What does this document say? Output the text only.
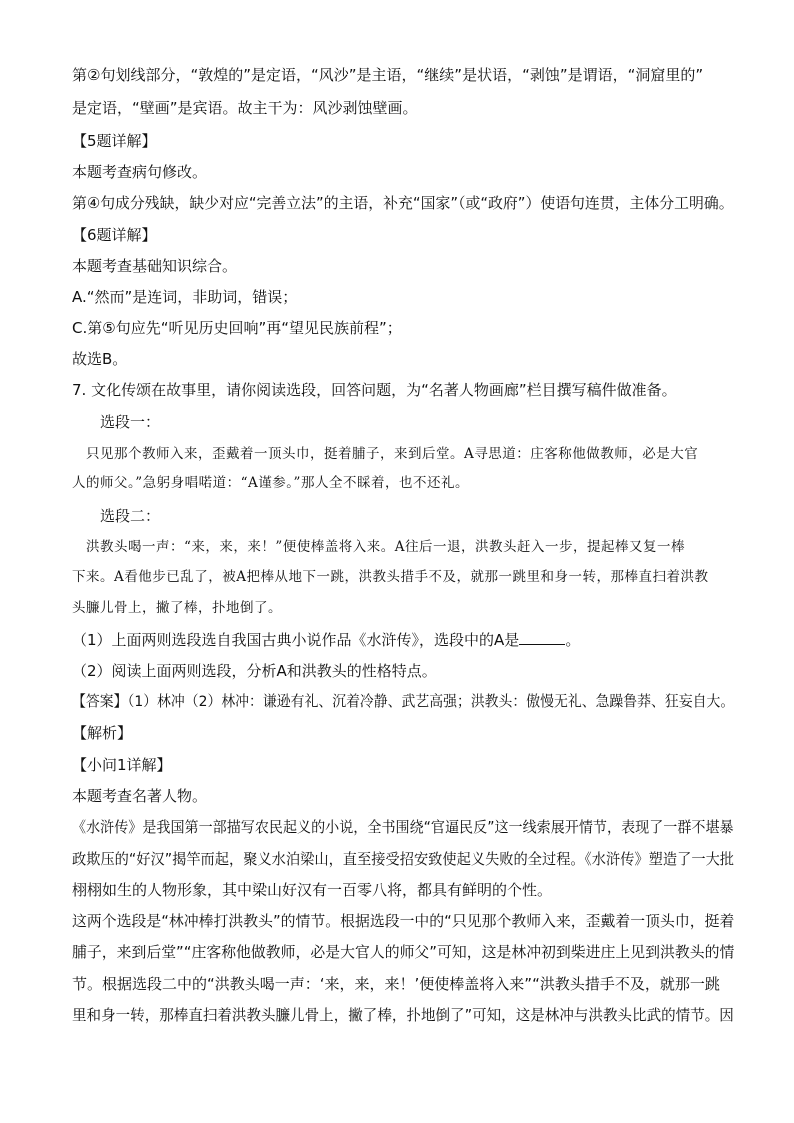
第②句划线部分，“敦煌的”是定语，“风沙”是主语，“继续”是状语，“剥蚀”是谓语，“洞窟里的”
是定语，“壁画”是宾语。故主干为：风沙剥蚀壁画。
【5题详解】
本题考查病句修改。
第④句成分残缺，缺少对应“完善立法”的主语，补充“国家”（或“政府”）使语句连贯，主体分工明确。
【6题详解】
本题考查基础知识综合。
A.“然而”是连词，非助词，错误；
C.第⑤句应先“听见历史回响”再“望见民族前程”；
故选B。
7. 文化传颂在故事里，请你阅读选段，回答问题，为“名著人物画廊”栏目撰写稿件做准备。
选段一：
只见那个教师入来，歪戴着一顶头巾，挺着脯子，来到后堂。A寻思道：庄客称他做教师，必是大官
人的师父。”急躬身唱喏道：“A谨参。”那人全不睬着，也不还礼。
选段二：
洪教头喝一声：“来，来，来！”便使棒盖将入来。A往后一退，洪教头赶入一步，提起棒又复一棒
下来。A看他步已乱了，被A把棒从地下一跳，洪教头措手不及，就那一跳里和身一转，那棒直扫着洪教
头臁儿骨上，撇了棒，扑地倒了。
（1）上面两则选段选自我国古典小说作品《水浒传》，选段中的A是	。
（2）阅读上面两则选段，分析A和洪教头的性格特点。
【答案】（1）林冲（2）林冲：谦逊有礼、沉着冷静、武艺高强；洪教头：傲慢无礼、急躁鲁莽、狂妄自大。
【解析】
【小问1详解】
本题考查名著人物。
《水浒传》是我国第一部描写农民起义的小说，全书围绕“官逼民反”这一线索展开情节，表现了一群不堪暴
政欺压的“好汉”揭竿而起，聚义水泊梁山，直至接受招安致使起义失败的全过程。《水浒传》塑造了一大批
栩栩如生的人物形象，其中梁山好汉有一百零八将，都具有鲜明的个性。
这两个选段是“林冲棒打洪教头”的情节。根据选段一中的“只见那个教师入来，歪戴着一顶头巾，挺着
脯子，来到后堂”“庄客称他做教师，必是大官人的师父”可知，这是林冲初到柴进庄上见到洪教头的情
节。根据选段二中的“洪教头喝一声：‘来，来，来！’便使棒盖将入来”“洪教头措手不及，就那一跳
里和身一转，那棒直扫着洪教头臁儿骨上，撇了棒，扑地倒了”可知，这是林冲与洪教头比武的情节。因
